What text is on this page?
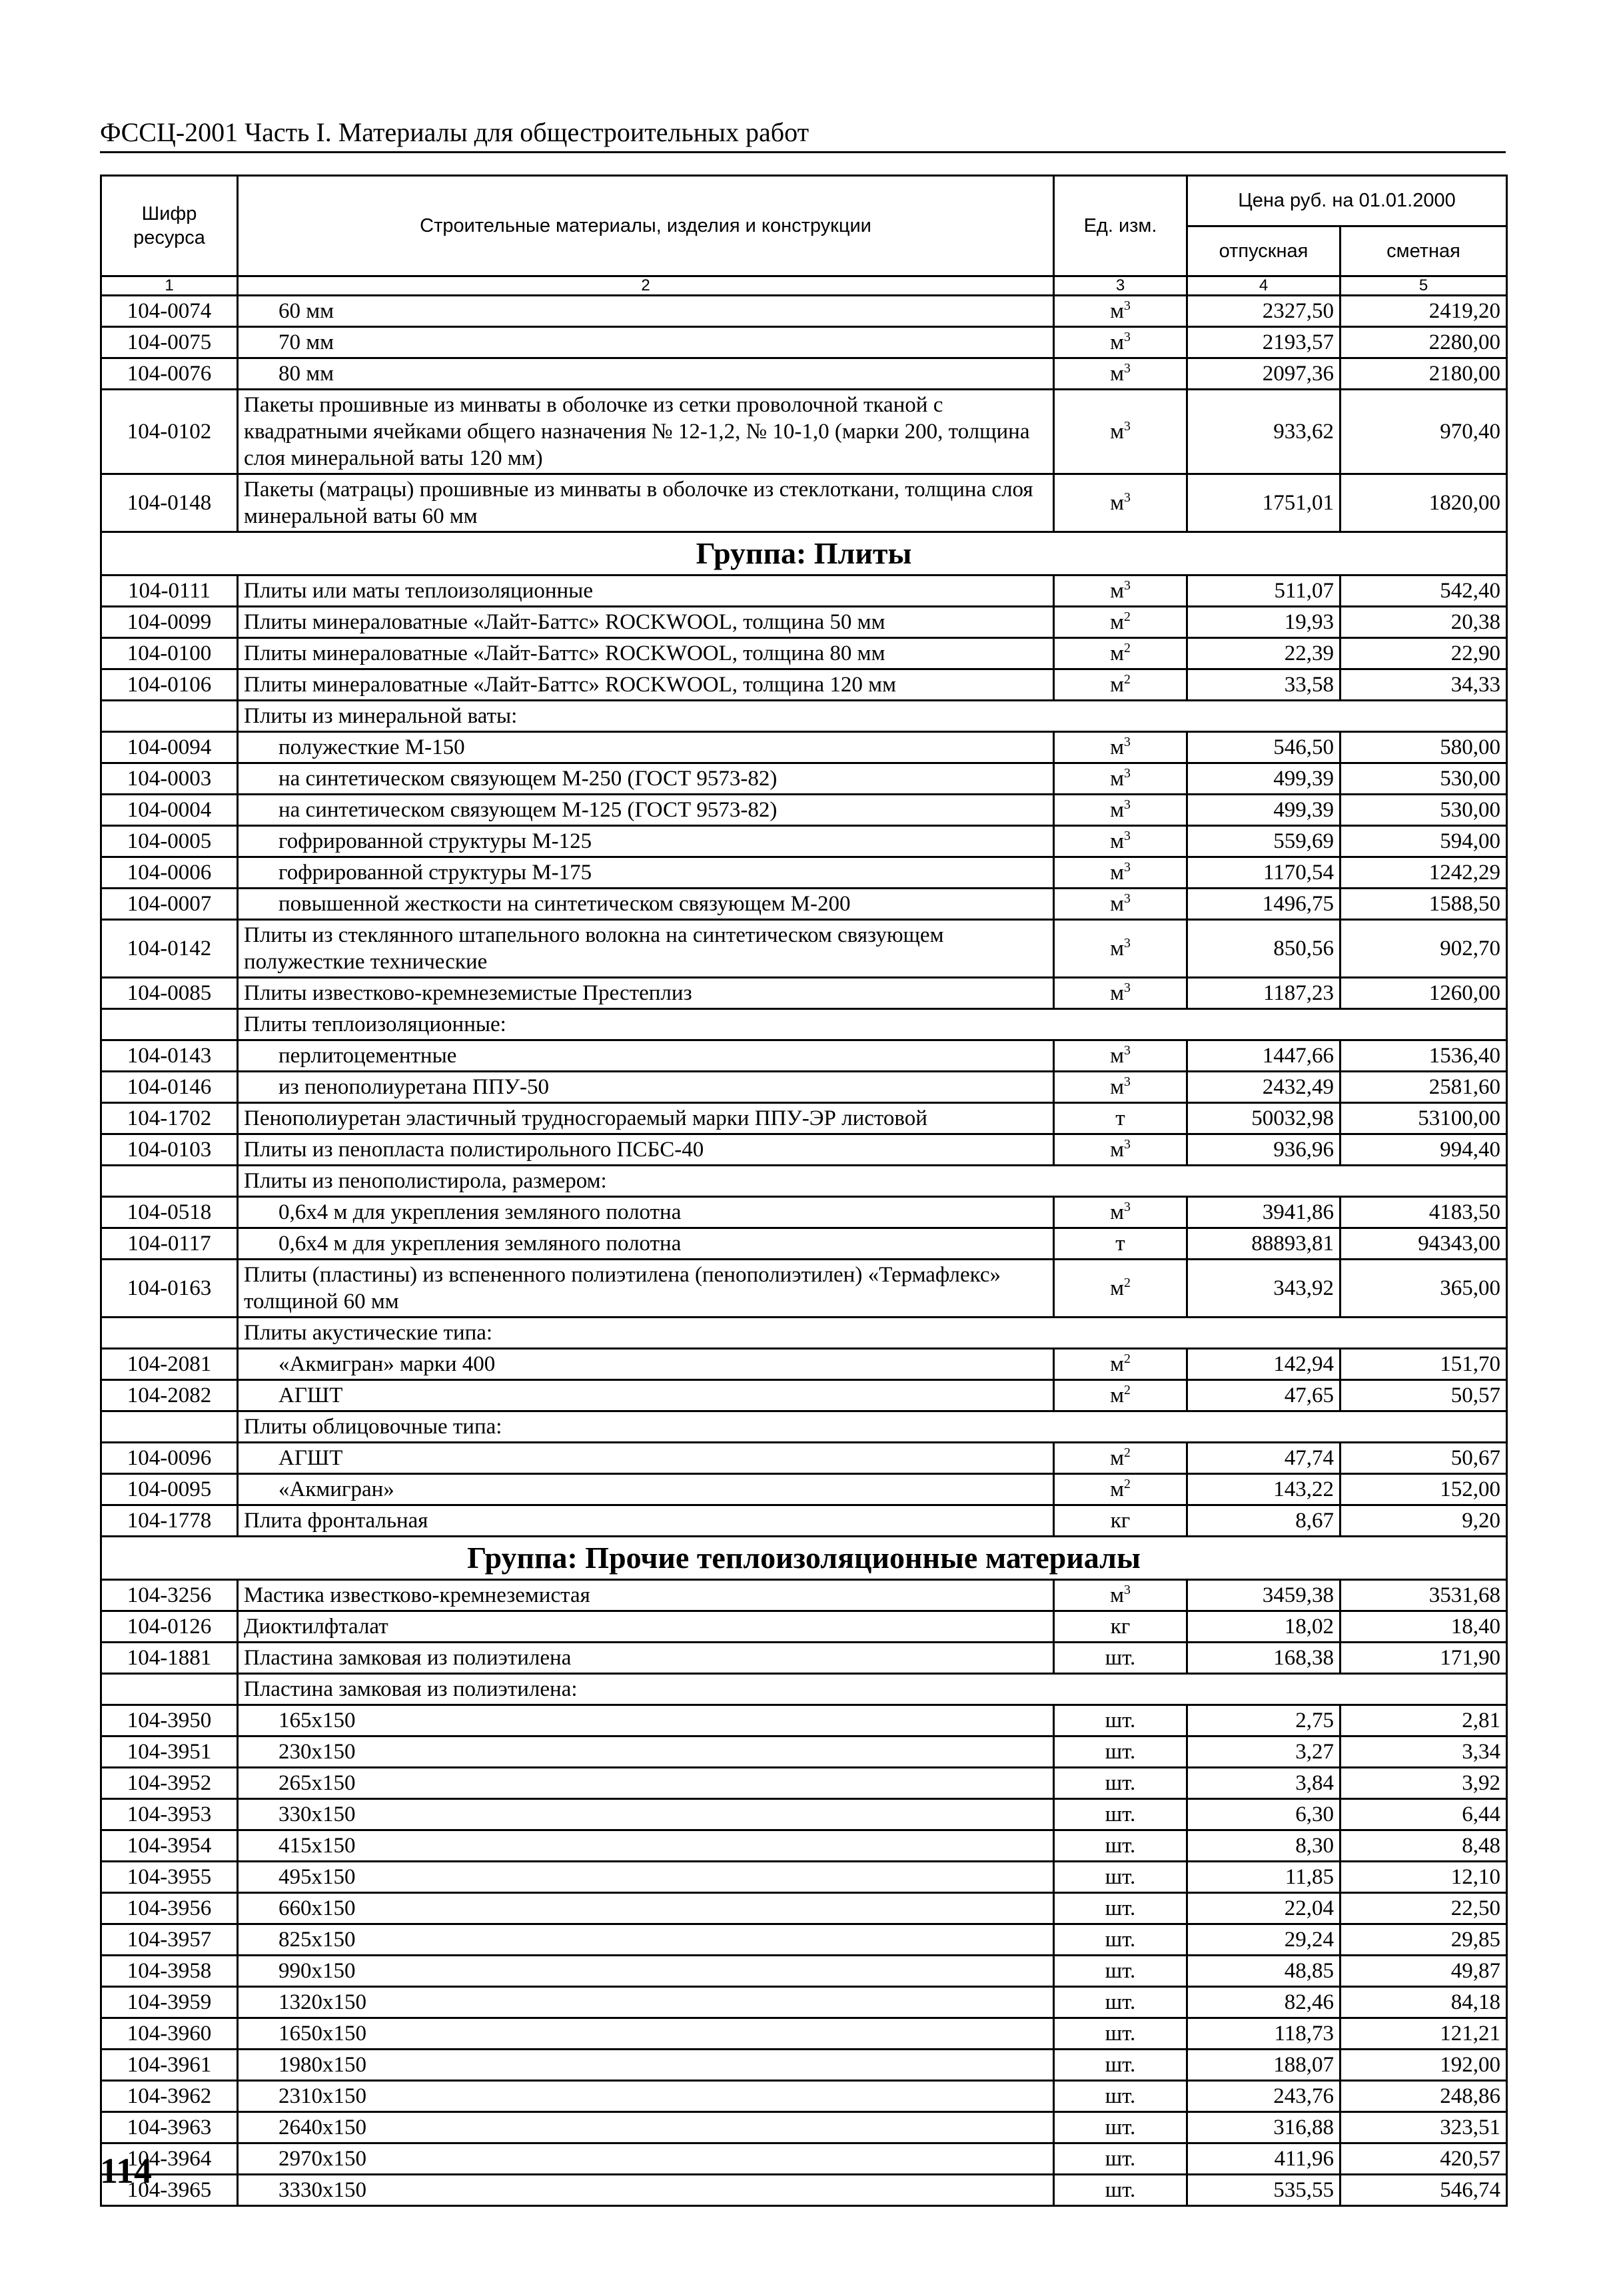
ФССЦ-2001 Часть I. Материалы для общестроительных работ
Шифр ресурса	Строительные материалы, изделия и конструкции	Ед. изм.	Цена руб. на 01.01.2000	
			отпускная	сметная
1	2	3	4	5
104-0074	60 мм	$м^3$	2327,50	2419,20
104-0075	70 мм	$м^3$	2193,57	2280,00
104-0076	80 мм	$м^3$	2097,36	2180,00
104-0102	Пакеты прошивные из минваты в оболочке из сетки проволочной тканой с квадратными ячейками общего назначения № 12-1,2, № 10-1,0 (марки 200, толщина слоя минеральной ваты 120 мм)	$м^3$	933,62	970,40
104-0148	Пакеты (матрацы) прошивные из минваты в оболочке из стеклоткани, толщина слоя минеральной ваты 60 мм	$м^3$	1751,01	1820,00
Группа: Плиты				
104-0111	Плиты или маты теплоизоляционные	$м^3$	511,07	542,40
104-0099	Плиты минераловатные «Лайт-Баттс» ROCKWOOL, толщина 50 мм	$м^2$	19,93	20,38
104-0100	Плиты минераловатные «Лайт-Баттс» ROCKWOOL, толщина 80 мм	$м^2$	22,39	22,90
104-0106	Плиты минераловатные «Лайт-Баттс» ROCKWOOL, толщина 120 мм	$м^2$	33,58	34,33
	Плиты из минеральной ваты:			
104-0094	полужесткие М-150	$м^3$	546,50	580,00
104-0003	на синтетическом связующем М-250 (ГОСТ 9573-82)	$м^3$	499,39	530,00
104-0004	на синтетическом связующем М-125 (ГОСТ 9573-82)	$м^3$	499,39	530,00
104-0005	гофрированной структуры М-125	$м^3$	559,69	594,00
104-0006	гофрированной структуры М-175	$м^3$	1170,54	1242,29
104-0007	повышенной жесткости на синтетическом связующем М-200	$м^3$	1496,75	1588,50
104-0142	Плиты из стеклянного штапельного волокна на синтетическом связующем полужесткие технические	$м^3$	850,56	902,70
104-0085	Плиты известково-кремнеземистые Престеплиз	$м^3$	1187,23	1260,00
	Плиты теплоизоляционные:			
104-0143	перлитоцементные	$м^3$	1447,66	1536,40
104-0146	из пенополиуретана ППУ-50	$м^3$	2432,49	2581,60
104-1702	Пенополиуретан эластичный трудносгораемый марки ППУ-ЭР листовой	т	50032,98	53100,00
104-0103	Плиты из пенопласта полистирольного ПСБС-40	$м^3$	936,96	994,40
	Плиты из пенополистирола, размером:			
104-0518	0,6х4 м для укрепления земляного полотна	$м^3$	3941,86	4183,50
104-0117	0,6х4 м для укрепления земляного полотна	т	88893,81	94343,00
104-0163	Плиты (пластины) из вспененного полиэтилена (пенополиэтилен) «Термафлекс» толщиной 60 мм	$м^2$	343,92	365,00
	Плиты акустические типа:			
104-2081	«Акмигран» марки 400	$м^2$	142,94	151,70
104-2082	АГШТ	$м^2$	47,65	50,57
	Плиты облицовочные типа:			
104-0096	АГШТ	$м^2$	47,74	50,67
104-0095	«Акмигран»	$м^2$	143,22	152,00
104-1778	Плита фронтальная	кг	8,67	9,20
Группа: Прочие теплоизоляционные материалы				
104-3256	Мастика известково-кремнеземистая	$м^3$	3459,38	3531,68
104-0126	Диоктилфталат	кг	18,02	18,40
104-1881	Пластина замковая из полиэтилена	шт.	168,38	171,90
	Пластина замковая из полиэтилена:			
104-3950	165х150	шт.	2,75	2,81
104-3951	230х150	шт.	3,27	3,34
104-3952	265х150	шт.	3,84	3,92
104-3953	330х150	шт.	6,30	6,44
104-3954	415х150	шт.	8,30	8,48
104-3955	495х150	шт.	11,85	12,10
104-3956	660х150	шт.	22,04	22,50
104-3957	825х150	шт.	29,24	29,85
104-3958	990х150	шт.	48,85	49,87
104-3959	1320х150	шт.	82,46	84,18
104-3960	1650х150	шт.	118,73	121,21
104-3961	1980х150	шт.	188,07	192,00
104-3962	2310х150	шт.	243,76	248,86
104-3963	2640х150	шт.	316,88	323,51
104-3964	2970х150	шт.	411,96	420,57
104-3965	3330х150	шт.	535,55	546,74
114
